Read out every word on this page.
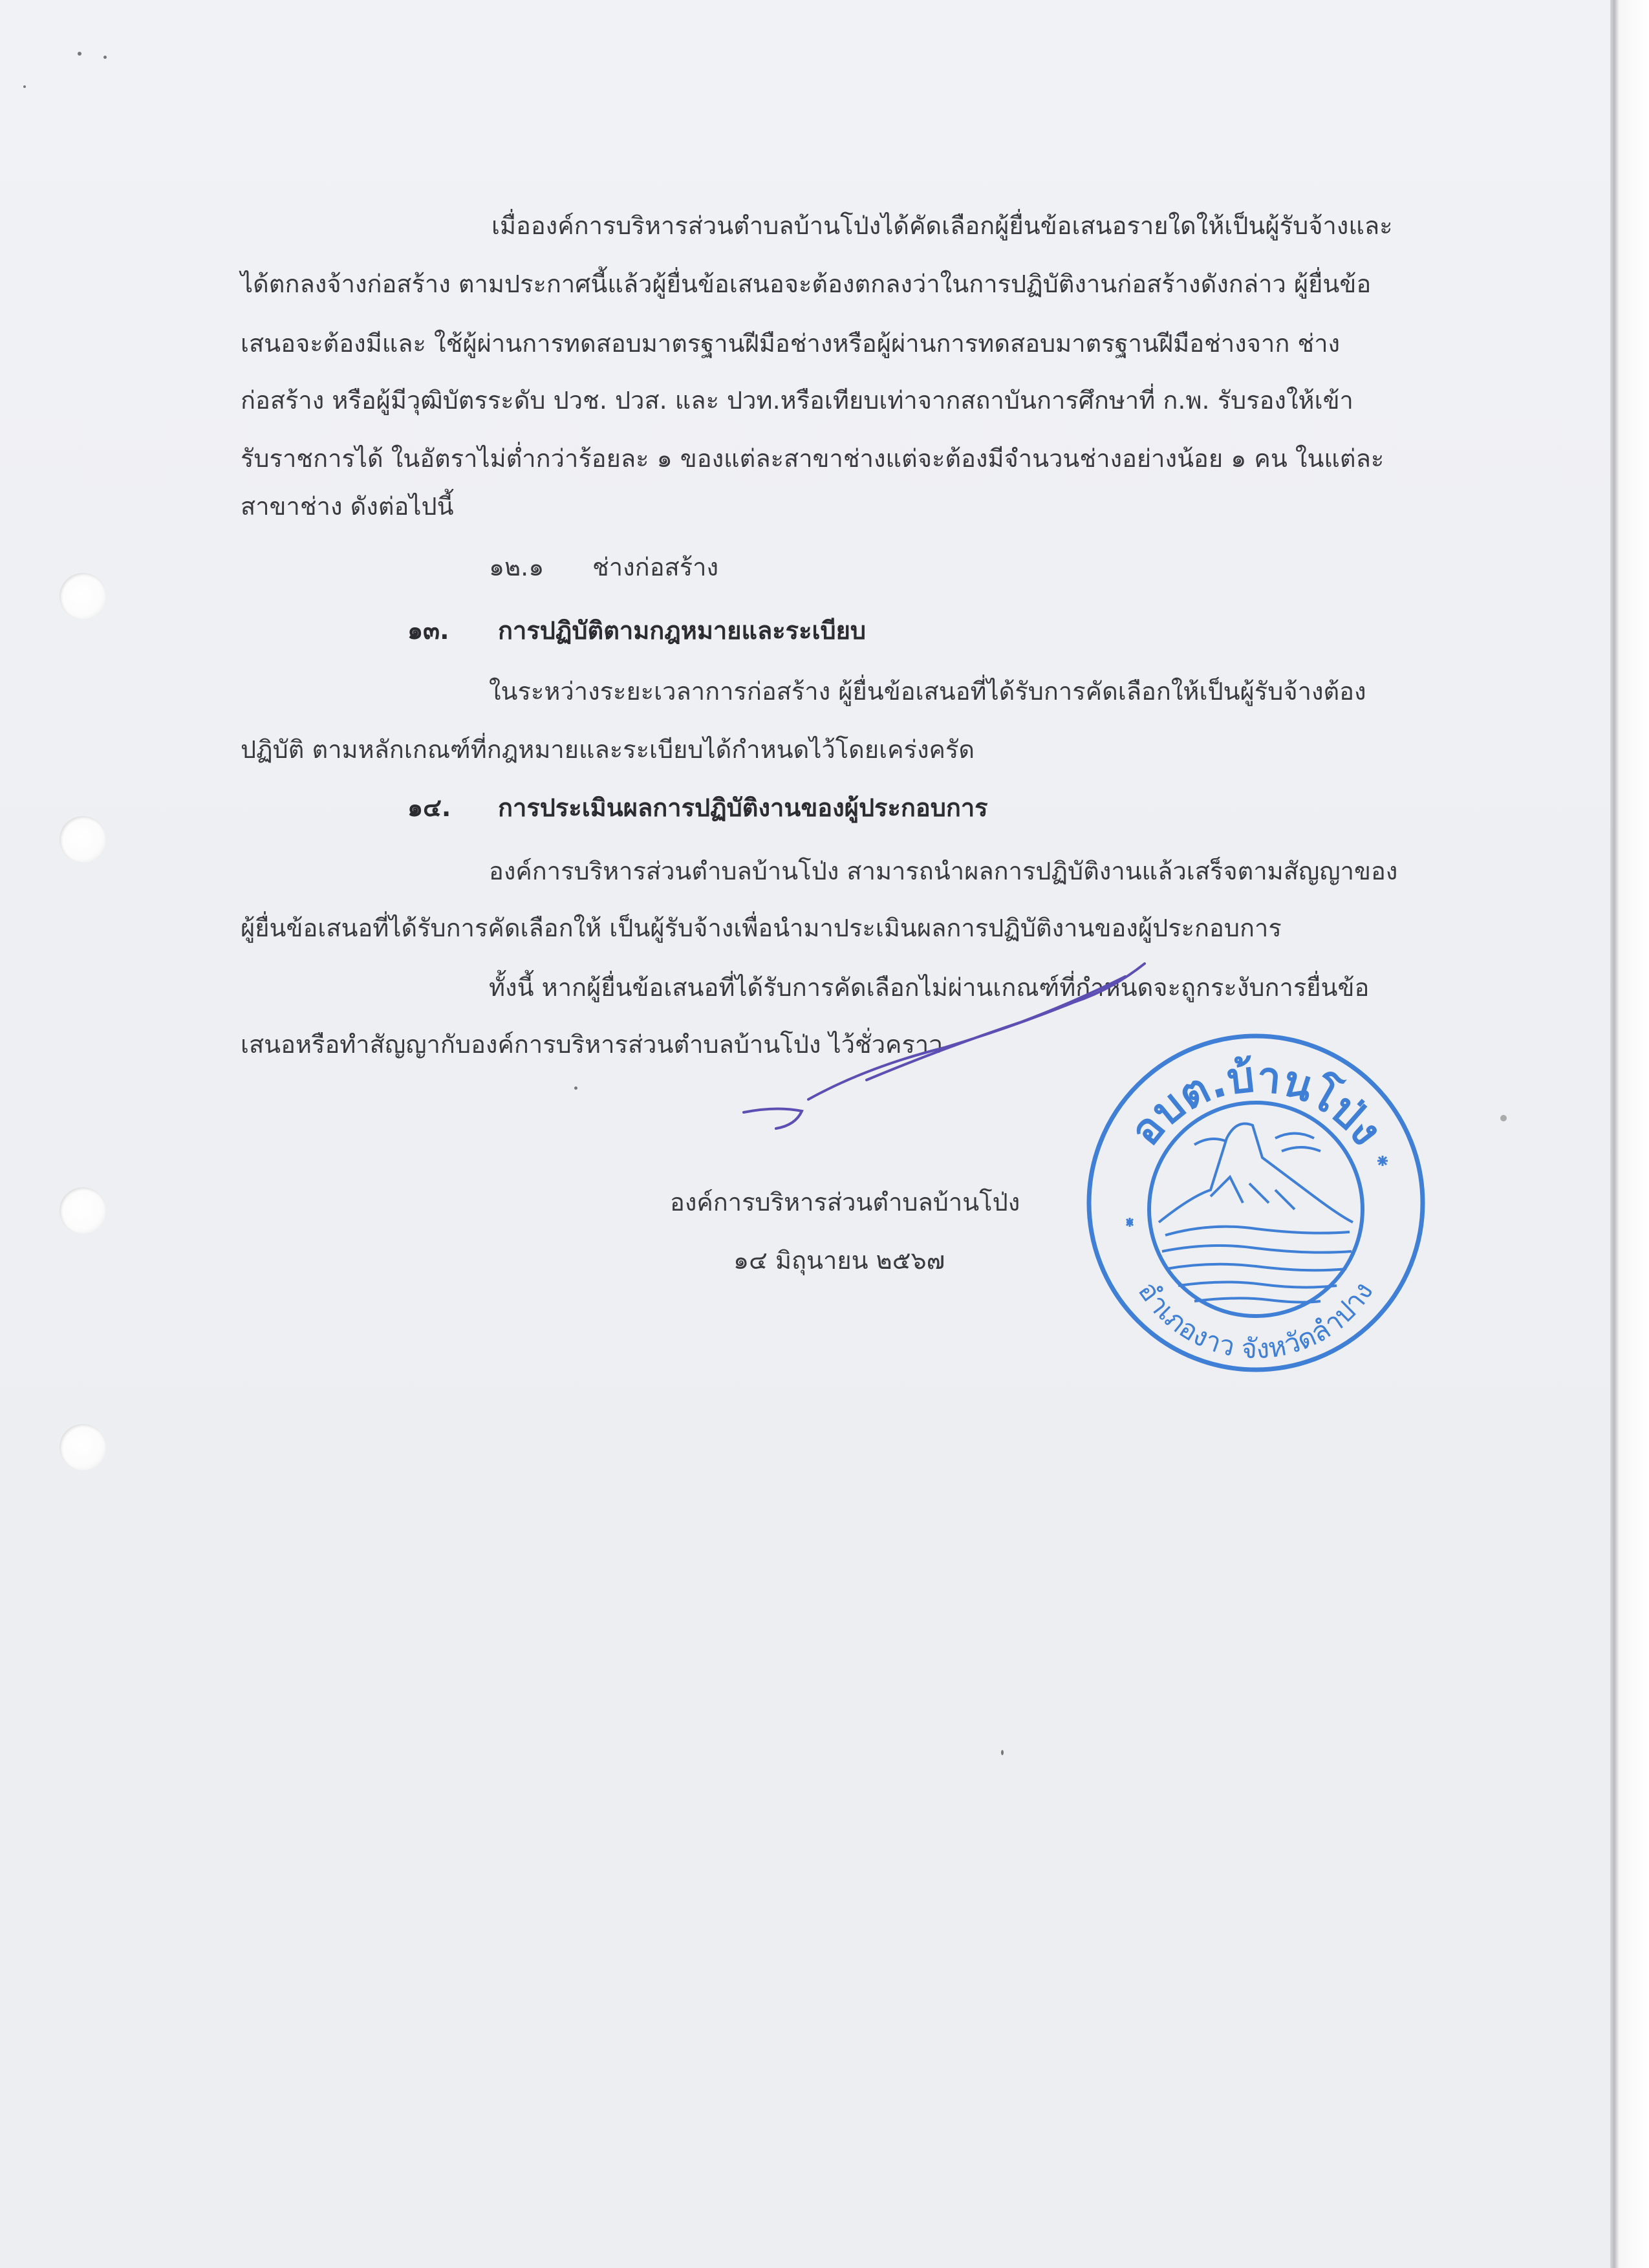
เมื่อองค์การบริหารส่วนตำบลบ้านโป่งได้คัดเลือกผู้ยื่นข้อเสนอรายใดให้เป็นผู้รับจ้างและ
ได้ตกลงจ้างก่อสร้าง ตามประกาศนี้แล้วผู้ยื่นข้อเสนอจะต้องตกลงว่าในการปฏิบัติงานก่อสร้างดังกล่าว ผู้ยื่นข้อ
เสนอจะต้องมีและ ใช้ผู้ผ่านการทดสอบมาตรฐานฝีมือช่างหรือผู้ผ่านการทดสอบมาตรฐานฝีมือช่างจาก ช่าง
ก่อสร้าง หรือผู้มีวุฒิบัตรระดับ ปวช. ปวส. และ ปวท.หรือเทียบเท่าจากสถาบันการศึกษาที่ ก.พ. รับรองให้เข้า
รับราชการได้ ในอัตราไม่ต่ำกว่าร้อยละ ๑ ของแต่ละสาขาช่างแต่จะต้องมีจำนวนช่างอย่างน้อย ๑ คน ในแต่ละ
สาขาช่าง ดังต่อไปนี้
๑๒.๑ ช่างก่อสร้าง
๑๓. การปฏิบัติตามกฎหมายและระเบียบ
ในระหว่างระยะเวลาการก่อสร้าง ผู้ยื่นข้อเสนอที่ได้รับการคัดเลือกให้เป็นผู้รับจ้างต้อง
ปฏิบัติ ตามหลักเกณฑ์ที่กฎหมายและระเบียบได้กำหนดไว้โดยเคร่งครัด
๑๔. การประเมินผลการปฏิบัติงานของผู้ประกอบการ
องค์การบริหารส่วนตำบลบ้านโป่ง สามารถนำผลการปฏิบัติงานแล้วเสร็จตามสัญญาของ
ผู้ยื่นข้อเสนอที่ได้รับการคัดเลือกให้ เป็นผู้รับจ้างเพื่อนำมาประเมินผลการปฏิบัติงานของผู้ประกอบการ
ทั้งนี้ หากผู้ยื่นข้อเสนอที่ได้รับการคัดเลือกไม่ผ่านเกณฑ์ที่กำหนดจะถูกระงับการยื่นข้อ
เสนอหรือทำสัญญากับองค์การบริหารส่วนตำบลบ้านโป่ง ไว้ชั่วคราว
องค์การบริหารส่วนตำบลบ้านโป่ง
๑๔ มิถุนายน ๒๕๖๗
อบต.บ้านโป่ง
อำเภองาว จังหวัดลำปาง
